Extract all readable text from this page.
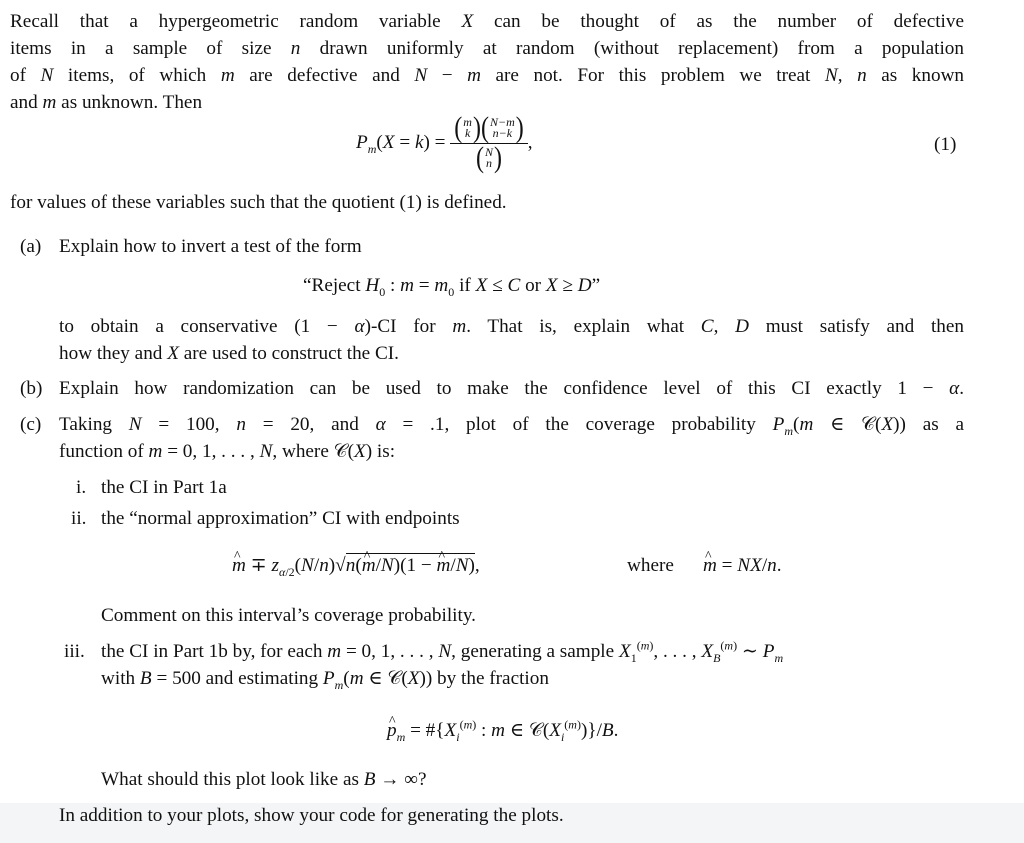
Recall that a hypergeometric random variable X can be thought of as the number of defective
items in a sample of size n drawn uniformly at random (without replacement) from a population
of N items, of which m are defective and N − m are not. For this problem we treat N, n as known
and m as unknown. Then
$P_m(X = k)$ = ( m
k ) ( N−m
n−k )
( N
n ) ,	(1)
for values of these variables such that the quotient (1) is defined.
(a) Explain how to invert a test of the form
“Reject $H_0$ : $m = m_0$ if X ≤ C or X ≥ D”
to obtain a conservative (1 − α)-CI for m. That is, explain what C, D must satisfy and then
how they and X are used to construct the CI.
(b) Explain how randomization can be used to make the confidence level of this CI exactly 1 − α.
(c) Taking N = 100, n = 20, and α = .1, plot of the coverage probability $P_m(m$ ∈ 𝒞(X)) as a
function of m = 0, 1, . . . , N, where 𝒞(X) is:
i. the CI in Part 1a
ii. the “normal approximation” CI with endpoints
^ $m \mp z_{\alpha/2}(N/n)√n(\^{}$ m/N)(1 − ^ m/N),	where
^ m = NX/n.
Comment on this interval’s coverage probability.
iii. the CI in Part 1b by, for each m = 0, 1, . . . , N, generating a sample $X_1^{(m)}$, . . . , $X_B^{(m)}$ ∼ $P_m$
with B = 500 and estimating $P_m(m$ ∈ 𝒞(X)) by the fraction
^ $p_m$ = $\#\{X_i^{(m)}$ : m ∈ $𝒞(X_i^{(m)})\}/B$.
What should this plot look like as B → ∞?
In addition to your plots, show your code for generating the plots.
